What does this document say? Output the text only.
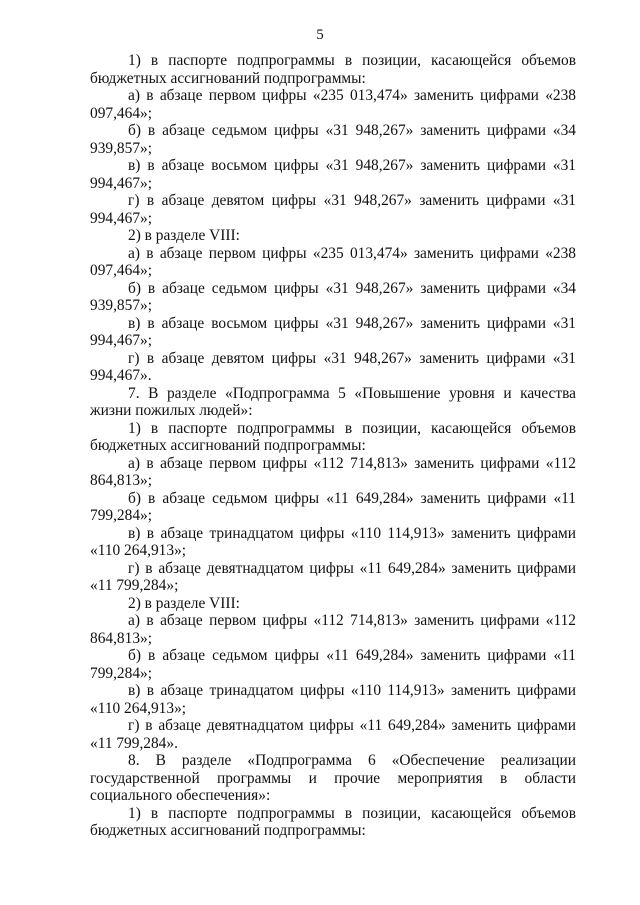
5

1) в паспорте подпрограммы в позиции, касающейся объемов бюджетных ассигнований подпрограммы:

а) в абзаце первом цифры «235 013,474» заменить цифрами «238 097,464»;

б) в абзаце седьмом цифры «31 948,267» заменить цифрами «34 939,857»;

в) в абзаце восьмом цифры «31 948,267» заменить цифрами «31 994,467»;

г) в абзаце девятом цифры «31 948,267» заменить цифрами «31 994,467»;

2) в разделе VIII:

а) в абзаце первом цифры «235 013,474» заменить цифрами «238 097,464»;

б) в абзаце седьмом цифры «31 948,267» заменить цифрами «34 939,857»;

в) в абзаце восьмом цифры «31 948,267» заменить цифрами «31 994,467»;

г) в абзаце девятом цифры «31 948,267» заменить цифрами «31 994,467».

7. В разделе «Подпрограмма 5 «Повышение уровня и качества жизни пожилых людей»:

1) в паспорте подпрограммы в позиции, касающейся объемов бюджетных ассигнований подпрограммы:

а) в абзаце первом цифры «112 714,813» заменить цифрами «112 864,813»;

б) в абзаце седьмом цифры «11 649,284» заменить цифрами «11 799,284»;

в) в абзаце тринадцатом цифры «110 114,913» заменить цифрами «110 264,913»;

г) в абзаце девятнадцатом цифры «11 649,284» заменить цифрами «11 799,284»;

2) в разделе VIII:

а) в абзаце первом цифры «112 714,813» заменить цифрами «112 864,813»;

б) в абзаце седьмом цифры «11 649,284» заменить цифрами «11 799,284»;

в) в абзаце тринадцатом цифры «110 114,913» заменить цифрами «110 264,913»;

г) в абзаце девятнадцатом цифры «11 649,284» заменить цифрами «11 799,284».

8. В разделе «Подпрограмма 6 «Обеспечение реализации государственной программы и прочие мероприятия в области социального обеспечения»:

1) в паспорте подпрограммы в позиции, касающейся объемов бюджетных ассигнований подпрограммы:
